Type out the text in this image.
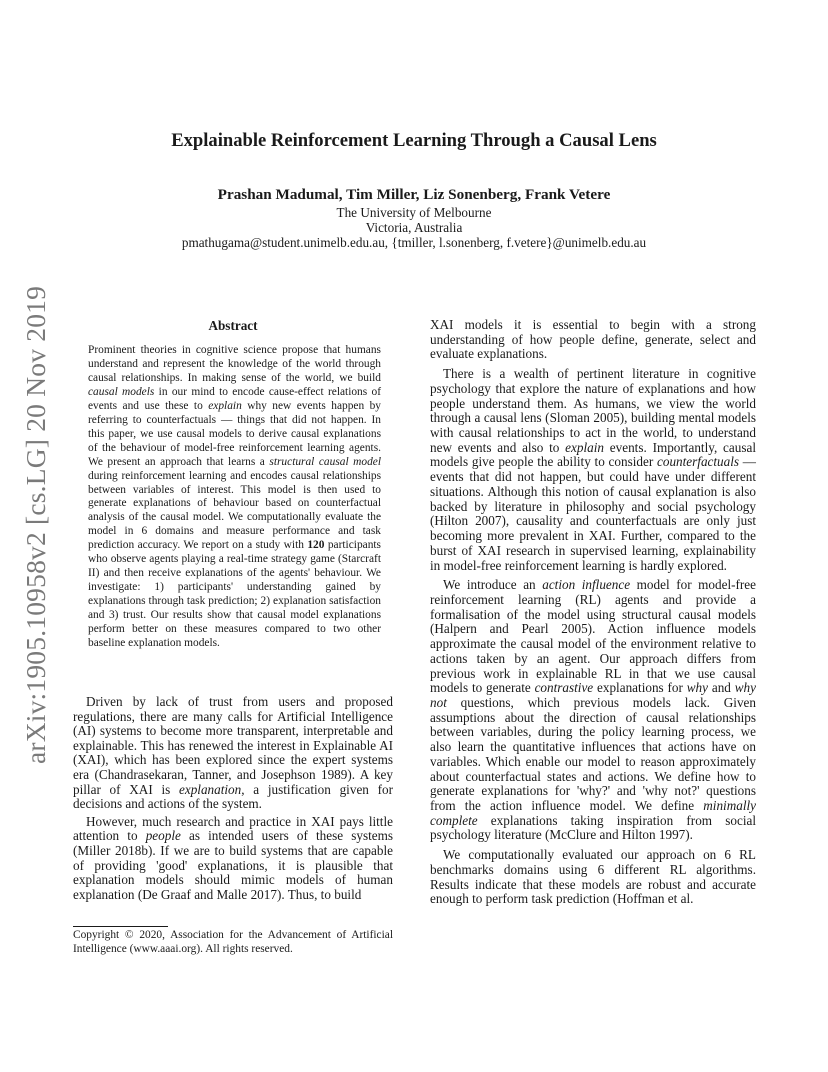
arXiv:1905.10958v2 [cs.LG] 20 Nov 2019
Explainable Reinforcement Learning Through a Causal Lens
Prashan Madumal, Tim Miller, Liz Sonenberg, Frank Vetere
The University of Melbourne
Victoria, Australia
pmathugama@student.unimelb.edu.au, {tmiller, l.sonenberg, f.vetere}@unimelb.edu.au
Abstract
Prominent theories in cognitive science propose that humans understand and represent the knowledge of the world through causal relationships. In making sense of the world, we build causal models in our mind to encode cause-effect relations of events and use these to explain why new events happen by referring to counterfactuals — things that did not happen. In this paper, we use causal models to derive causal explanations of the behaviour of model-free reinforcement learning agents. We present an approach that learns a structural causal model during reinforcement learning and encodes causal relationships between variables of interest. This model is then used to generate explanations of behaviour based on counterfactual analysis of the causal model. We computationally evaluate the model in 6 domains and measure performance and task prediction accuracy. We report on a study with 120 participants who observe agents playing a real-time strategy game (Starcraft II) and then receive explanations of the agents' behaviour. We investigate: 1) participants' understanding gained by explanations through task prediction; 2) explanation satisfaction and 3) trust. Our results show that causal model explanations perform better on these measures compared to two other baseline explanation models.

Driven by lack of trust from users and proposed regulations, there are many calls for Artificial Intelligence (AI) systems to become more transparent, interpretable and explainable. This has renewed the interest in Explainable AI (XAI), which has been explored since the expert systems era (Chandrasekaran, Tanner, and Josephson 1989). A key pillar of XAI is explanation, a justification given for decisions and actions of the system.

However, much research and practice in XAI pays little attention to people as intended users of these systems (Miller 2018b). If we are to build systems that are capable of providing 'good' explanations, it is plausible that explanation models should mimic models of human explanation (De Graaf and Malle 2017). Thus, to build

Copyright © 2020, Association for the Advancement of Artificial Intelligence (www.aaai.org). All rights reserved.

XAI models it is essential to begin with a strong understanding of how people define, generate, select and evaluate explanations.

There is a wealth of pertinent literature in cognitive psychology that explore the nature of explanations and how people understand them. As humans, we view the world through a causal lens (Sloman 2005), building mental models with causal relationships to act in the world, to understand new events and also to explain events. Importantly, causal models give people the ability to consider counterfactuals — events that did not happen, but could have under different situations. Although this notion of causal explanation is also backed by literature in philosophy and social psychology (Hilton 2007), causality and counterfactuals are only just becoming more prevalent in XAI. Further, compared to the burst of XAI research in supervised learning, explainability in model-free reinforcement learning is hardly explored.

We introduce an action influence model for model-free reinforcement learning (RL) agents and provide a formalisation of the model using structural causal models (Halpern and Pearl 2005). Action influence models approximate the causal model of the environment relative to actions taken by an agent. Our approach differs from previous work in explainable RL in that we use causal models to generate contrastive explanations for why and why not questions, which previous models lack. Given assumptions about the direction of causal relationships between variables, during the policy learning process, we also learn the quantitative influences that actions have on variables. Which enable our model to reason approximately about counterfactual states and actions. We define how to generate explanations for 'why?' and 'why not?' questions from the action influence model. We define minimally complete explanations taking inspiration from social psychology literature (McClure and Hilton 1997).

We computationally evaluated our approach on 6 RL benchmarks domains using 6 different RL algorithms. Results indicate that these models are robust and accurate enough to perform task prediction (Hoffman et al.
